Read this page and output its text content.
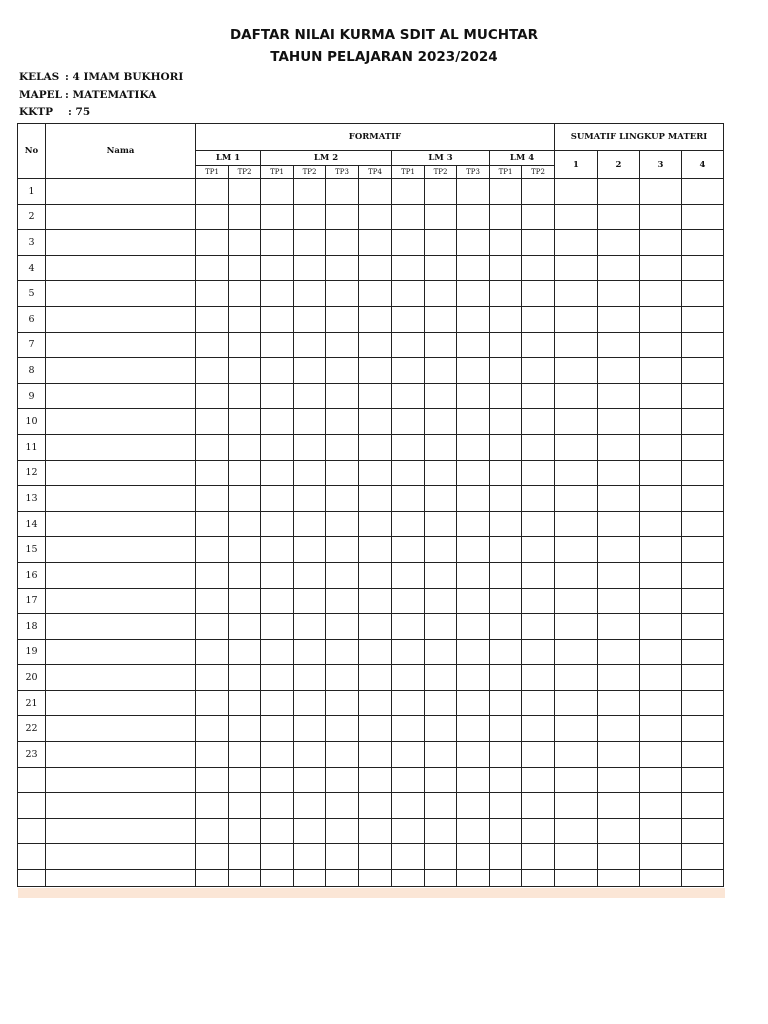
DAFTAR NILAI KURMA SDIT AL MUCHTAR
TAHUN PELAJARAN 2023/2024
KELAS : 4 IMAM BUKHORI
MAPEL : MATEMATIKA
KKTP : 75
No	Nama	FORMATIF											SUMATIF LINGKUP MATERI			
		LM 1		LM 2				LM 3			LM 4		1	2	3	4
		TP1	TP2	TP1	TP2	TP3	TP4	TP1	TP2	TP3	TP1	TP2				
1																
2																
3																
4																
5																
6																
7																
8																
9																
10																
11																
12																
13																
14																
15																
16																
17																
18																
19																
20																
21																
22																
23																
